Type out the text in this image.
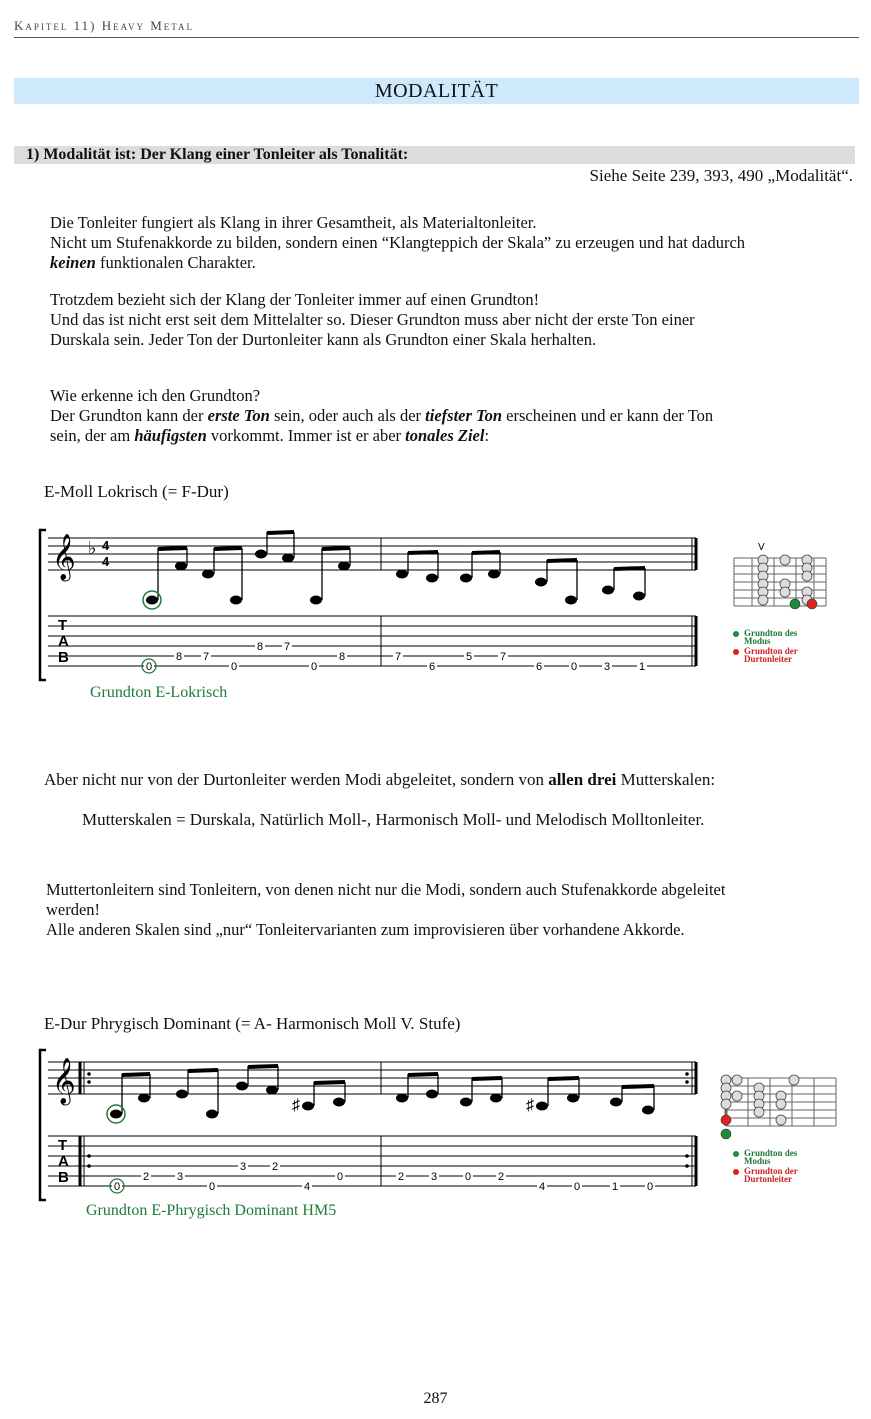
Kapitel 11) Heavy Metal
MODALITÄT
1) Modalität ist: Der Klang einer Tonleiter als Tonalität:
Siehe Seite 239, 393, 490 „Modalität“.
Die Tonleiter fungiert als Klang in ihrer Gesamtheit, als Materialtonleiter.
Nicht um Stufenakkorde zu bilden, sondern einen “Klangteppich der Skala” zu erzeugen und hat dadurch
keinen funktionalen Charakter.
Trotzdem bezieht sich der Klang der Tonleiter immer auf einen Grundton!
Und das ist nicht erst seit dem Mittelalter so. Dieser Grundton muss aber nicht der erste Ton einer
Durskala sein. Jeder Ton der Durtonleiter kann als Grundton einer Skala herhalten.
Wie erkenne ich den Grundton?
Der Grundton kann der erste Ton sein, oder auch als der tiefster Ton erscheinen und er kann der Ton
sein, der am häufigsten vorkommt. Immer ist er aber tonales Ziel:
E-Moll Lokrisch (= F-Dur)
𝄞 ♭ 4
4
T
A
B
0
8 7
0
8 7
0
8	7
6
5	7
6	0 3	1
V
Grundton des
Modus
Grundton der
Durtonleiter
Grundton E-Lokrisch
Aber nicht nur von der Durtonleiter werden Modi abgeleitet, sondern von allen drei Mutterskalen:
Mutterskalen = Durskala, Natürlich Moll-, Harmonisch Moll- und Melodisch Molltonleiter.
Muttertonleitern sind Tonleitern, von denen nicht nur die Modi, sondern auch Stufenakkorde abgeleitet
werden!
Alle anderen Skalen sind „nur“ Tonleitervarianten zum improvisieren über vorhandene Akkorde.
E-Dur Phrygisch Dominant (= A- Harmonisch Moll V. Stufe)
𝄞
♯	♯
T
A
B
0
2	3
0
3 2
4
0	2 3	0 2
4	0	1	0
Grundton des
Modus
Grundton der
Durtonleiter
Grundton E-Phrygisch Dominant HM5
287
